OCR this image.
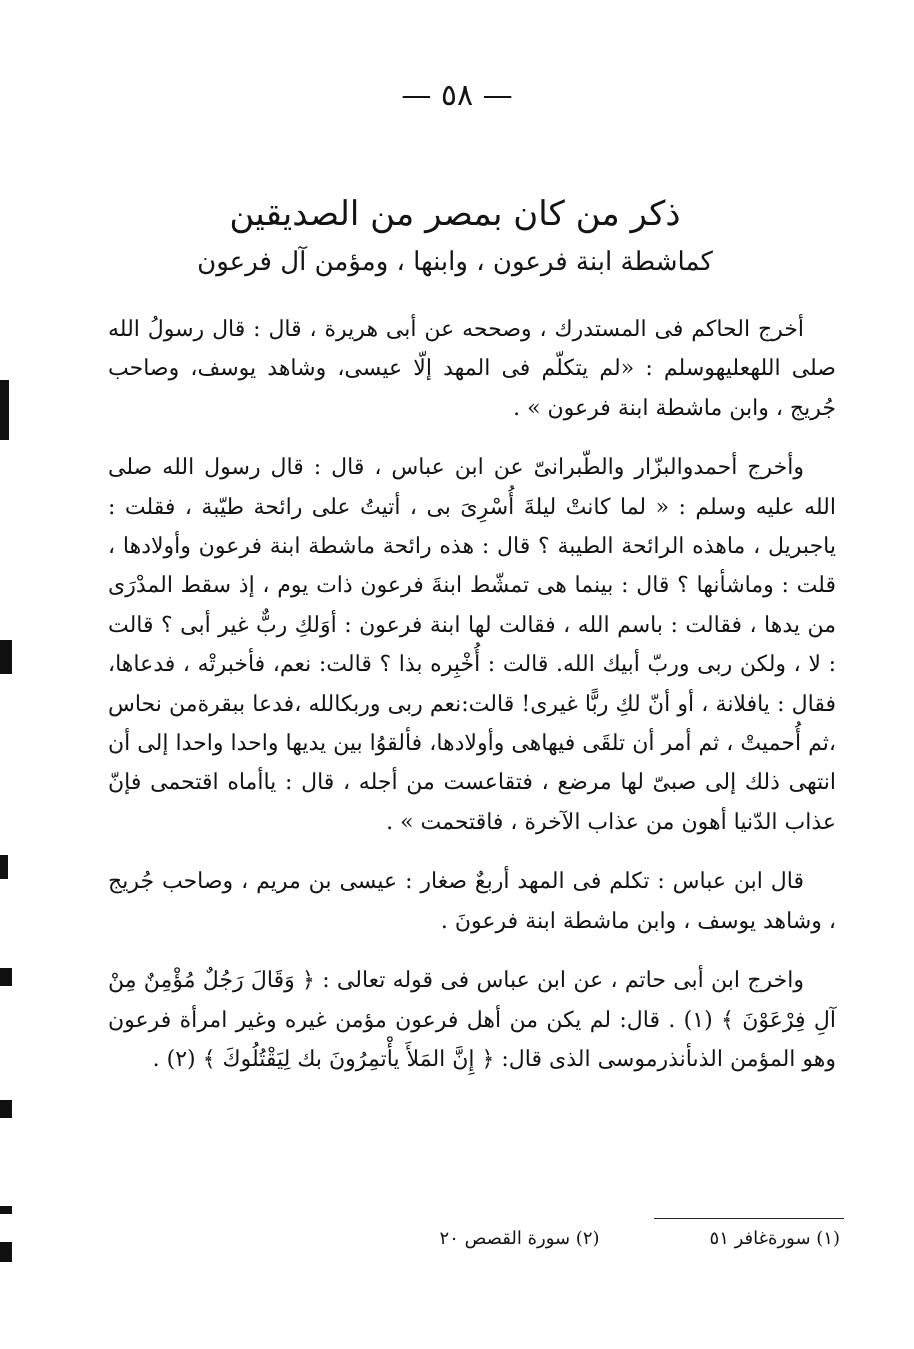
— ٥٨ —
ذكر من كان بمصر من الصديقين
كماشطة ابنة فرعون ، وابنها ، ومؤمن آل فرعون

أخرج الحاكم فى المستدرك ، وصححه عن أبى هريرة ، قال : قال رسولُ الله صلى اللهعليهوسلم : «لم يتكلّم فى المهد إلّا عيسى، وشاهد يوسف، وصاحب جُريج ، وابن ماشطة ابنة فرعون » .

وأخرج أحمدوالبزّار والطّبرانىّ عن ابن عباس ، قال : قال رسول الله صلى الله عليه وسلم : « لما كانتْ ليلةَ أُسْرِىَ بى ، أتيتُ على رائحة طيّبة ، فقلت : ياجبريل ، ماهذه الرائحة الطيبة ؟ قال : هذه رائحة ماشطة ابنة فرعون وأولادها ، قلت : وماشأنها ؟ قال : بينما هى تمشّط ابنةَ فرعون ذات يوم ، إذ سقط المدْرَى من يدها ، فقالت : باسم الله ، فقالت لها ابنة فرعون : أوَلكِ ربٌّ غير أبى ؟ قالت : لا ، ولكن ربى وربّ أبيك الله. قالت : أُخْبِره بذا ؟ قالت: نعم، فأخبرتْه ، فدعاها، فقال : يافلانة ، أو أنّ لكِ ربًّا غيرى! قالت:نعم ربى وربكالله ،فدعا ببقرةمن نحاس ،ثم أُحميتْ ، ثم أمر أن تلقَى فيهاهى وأولادها، فألقوُا بين يديها واحدا واحدا إلى أن انتهى ذلك إلى صبىّ لها مرضع ، فتقاعست من أجله ، قال : ياأماه اقتحمى فإنّ عذاب الدّنيا أهون من عذاب الآخرة ، فاقتحمت » .

قال ابن عباس : تكلم فى المهد أربعٌ صغار : عيسى بن مريم ، وصاحب جُريج ، وشاهد يوسف ، وابن ماشطة ابنة فرعونَ .

واخرج ابن أبى حاتم ، عن ابن عباس فى قوله تعالى : ﴿ وَقَالَ رَجُلٌ مُؤْمِنٌ مِنْ آلِ فِرْعَوْنَ ﴾ (١) . قال: لم يكن من أهل فرعون مؤمن غيره وغير امرأة فرعون وهو المؤمن الذىأنذرموسى الذى قال: ﴿ إِنَّ المَلأَ يأْتمِرُونَ بك لِيَقْتُلُوكَ ﴾ (٢) .

(١) سورةغافر ٥١
(٢) سورة القصص ٢٠
